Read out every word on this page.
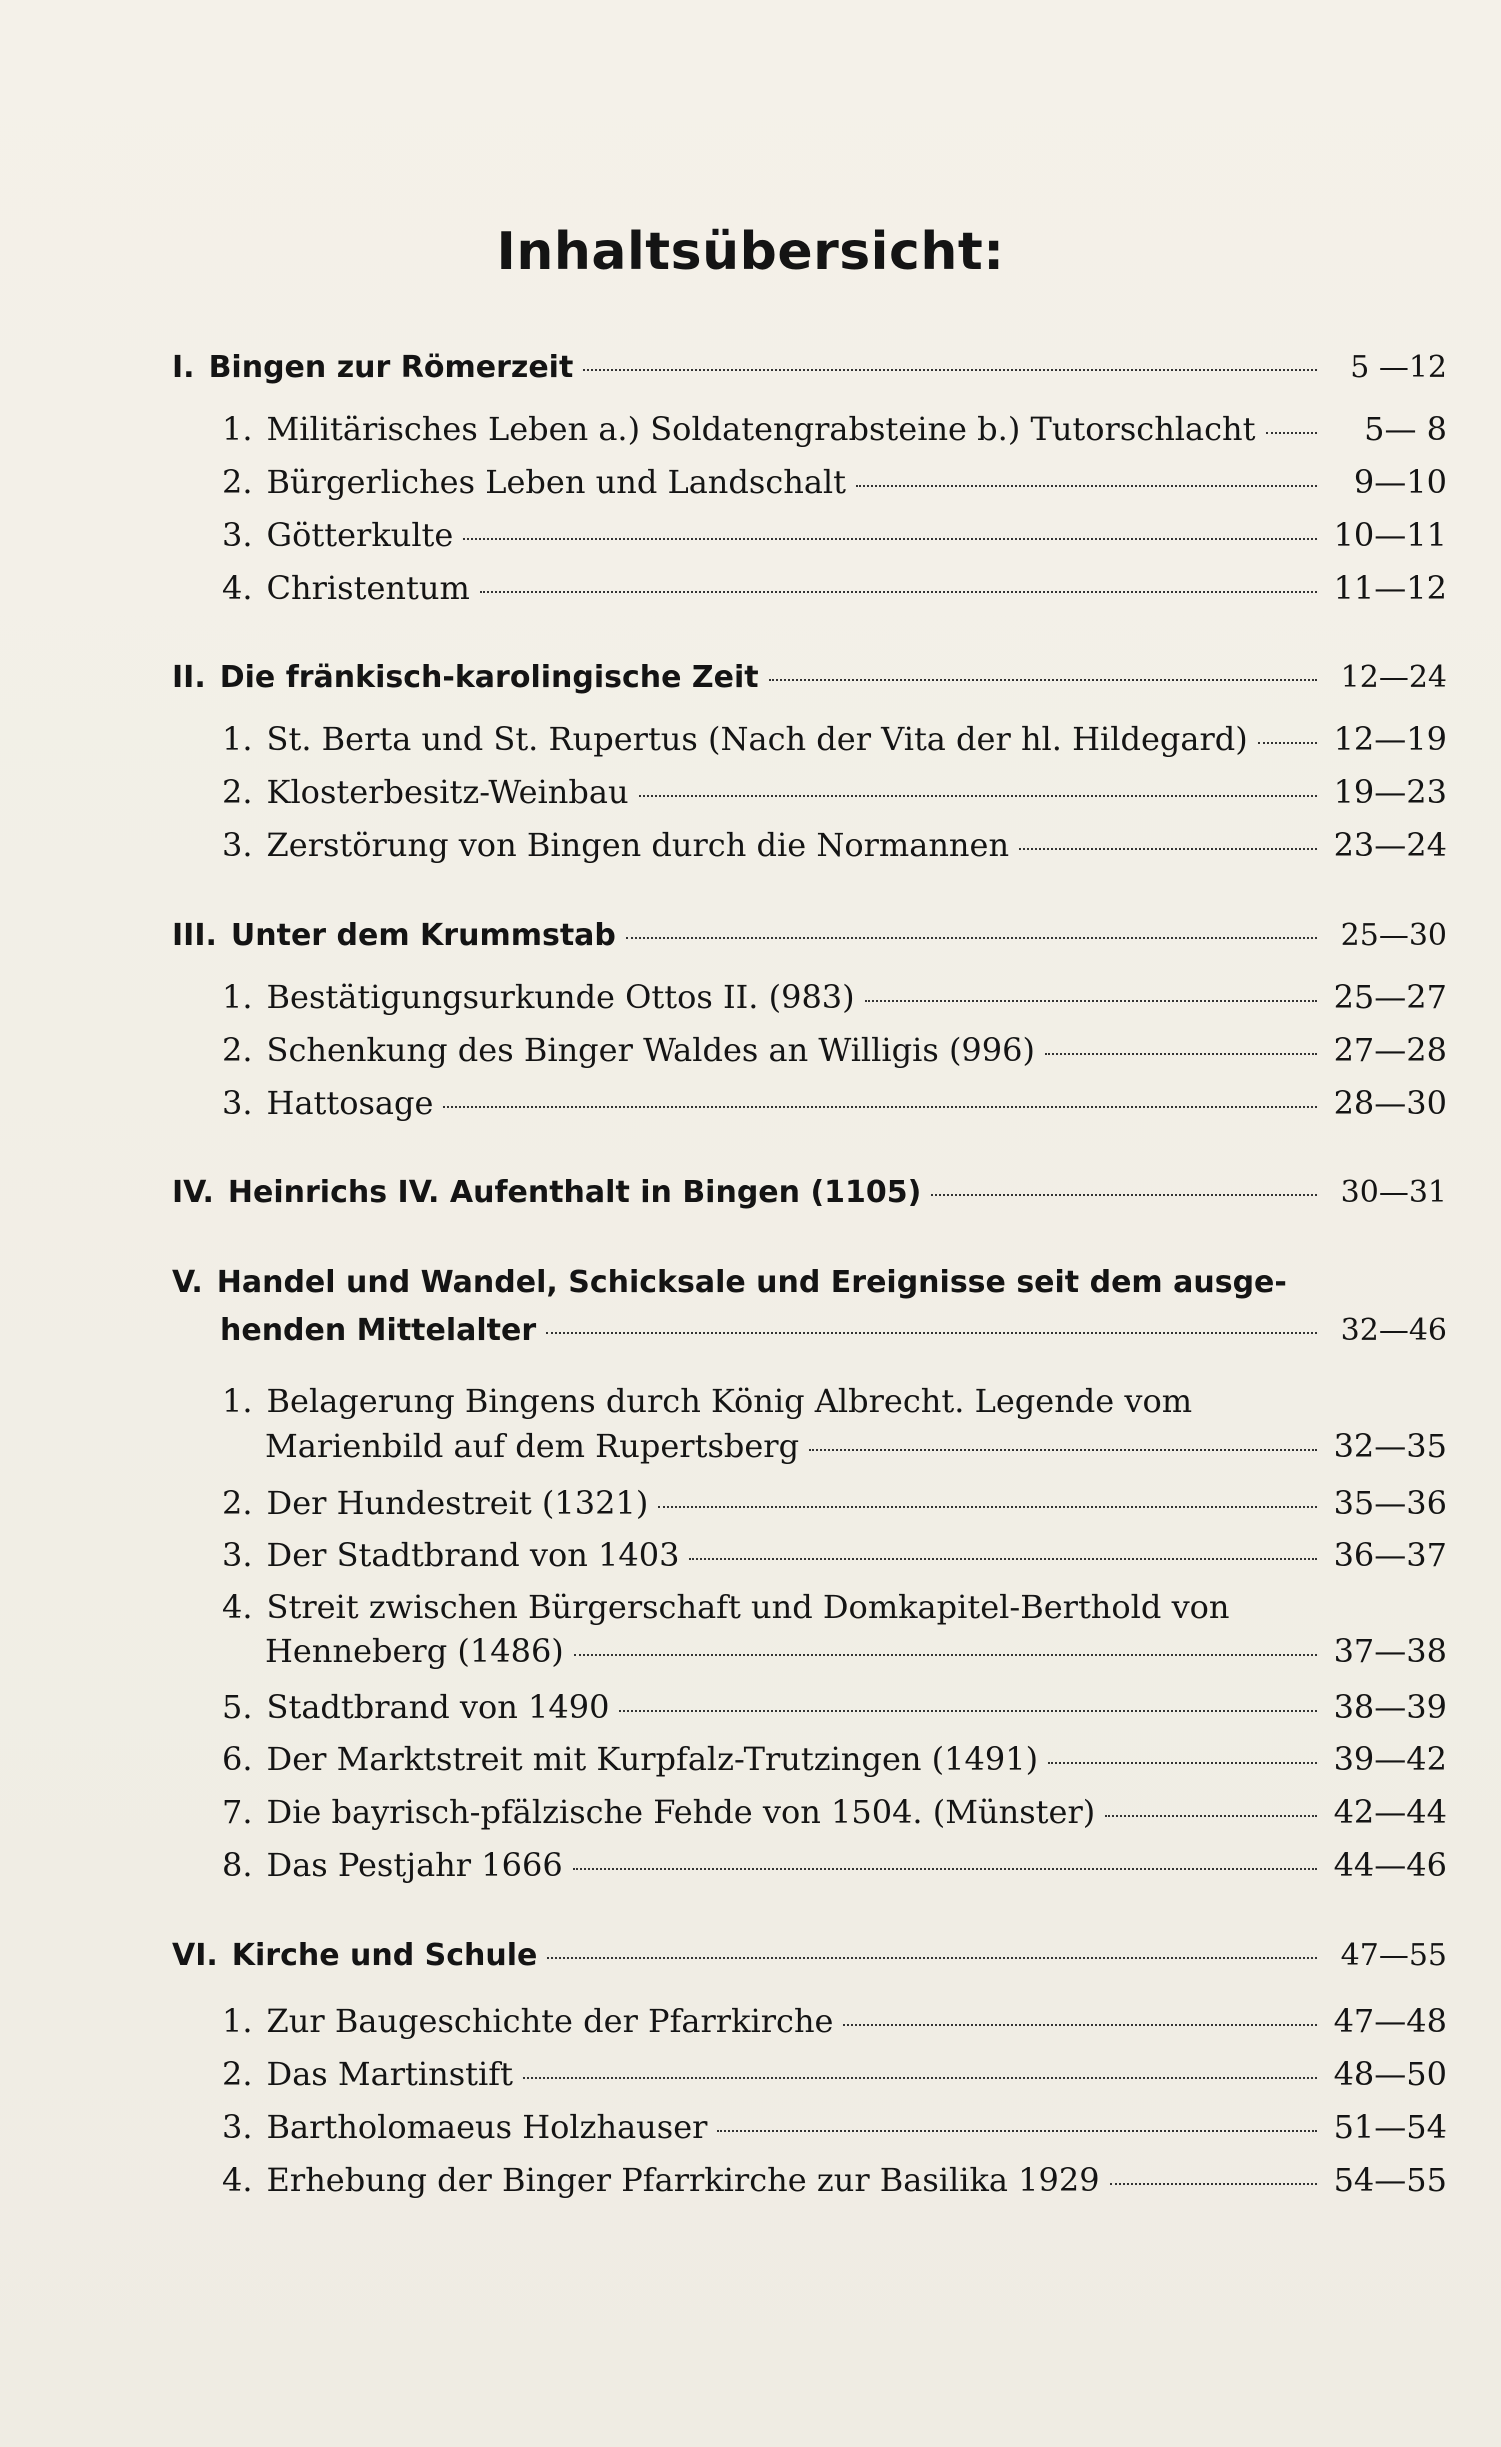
Inhaltsübersicht:
I. Bingen zur Römerzeit	5 —12
1. Militärisches Leben a.) Soldatengrabsteine b.) Tutorschlacht	5— 8
2. Bürgerliches Leben und Landschalt	9—10
3. Götterkulte	10—11
4. Christentum	11—12
II. Die fränkisch-karolingische Zeit	12—24
1. St. Berta und St. Rupertus (Nach der Vita der hl. Hildegard)	12—19
2. Klosterbesitz-Weinbau	19—23
3. Zerstörung von Bingen durch die Normannen	23—24
III. Unter dem Krummstab	25—30
1. Bestätigungsurkunde Ottos II. (983)	25—27
2. Schenkung des Binger Waldes an Willigis (996)	27—28
3. Hattosage	28—30
IV. Heinrichs IV. Aufenthalt in Bingen (1105)	30—31
V. Handel und Wandel, Schicksale und Ereignisse seit dem ausge-
henden Mittelalter	32—46
1. Belagerung Bingens durch König Albrecht. Legende vom
Marienbild auf dem Rupertsberg	32—35
2. Der Hundestreit (1321)	35—36
3. Der Stadtbrand von 1403	36—37
4. Streit zwischen Bürgerschaft und Domkapitel-Berthold von
Henneberg (1486)	37—38
5. Stadtbrand von 1490	38—39
6. Der Marktstreit mit Kurpfalz-Trutzingen (1491)	39—42
7. Die bayrisch-pfälzische Fehde von 1504. (Münster)	42—44
8. Das Pestjahr 1666	44—46
VI. Kirche und Schule	47—55
1. Zur Baugeschichte der Pfarrkirche	47—48
2. Das Martinstift	48—50
3. Bartholomaeus Holzhauser	51—54
4. Erhebung der Binger Pfarrkirche zur Basilika 1929	54—55
